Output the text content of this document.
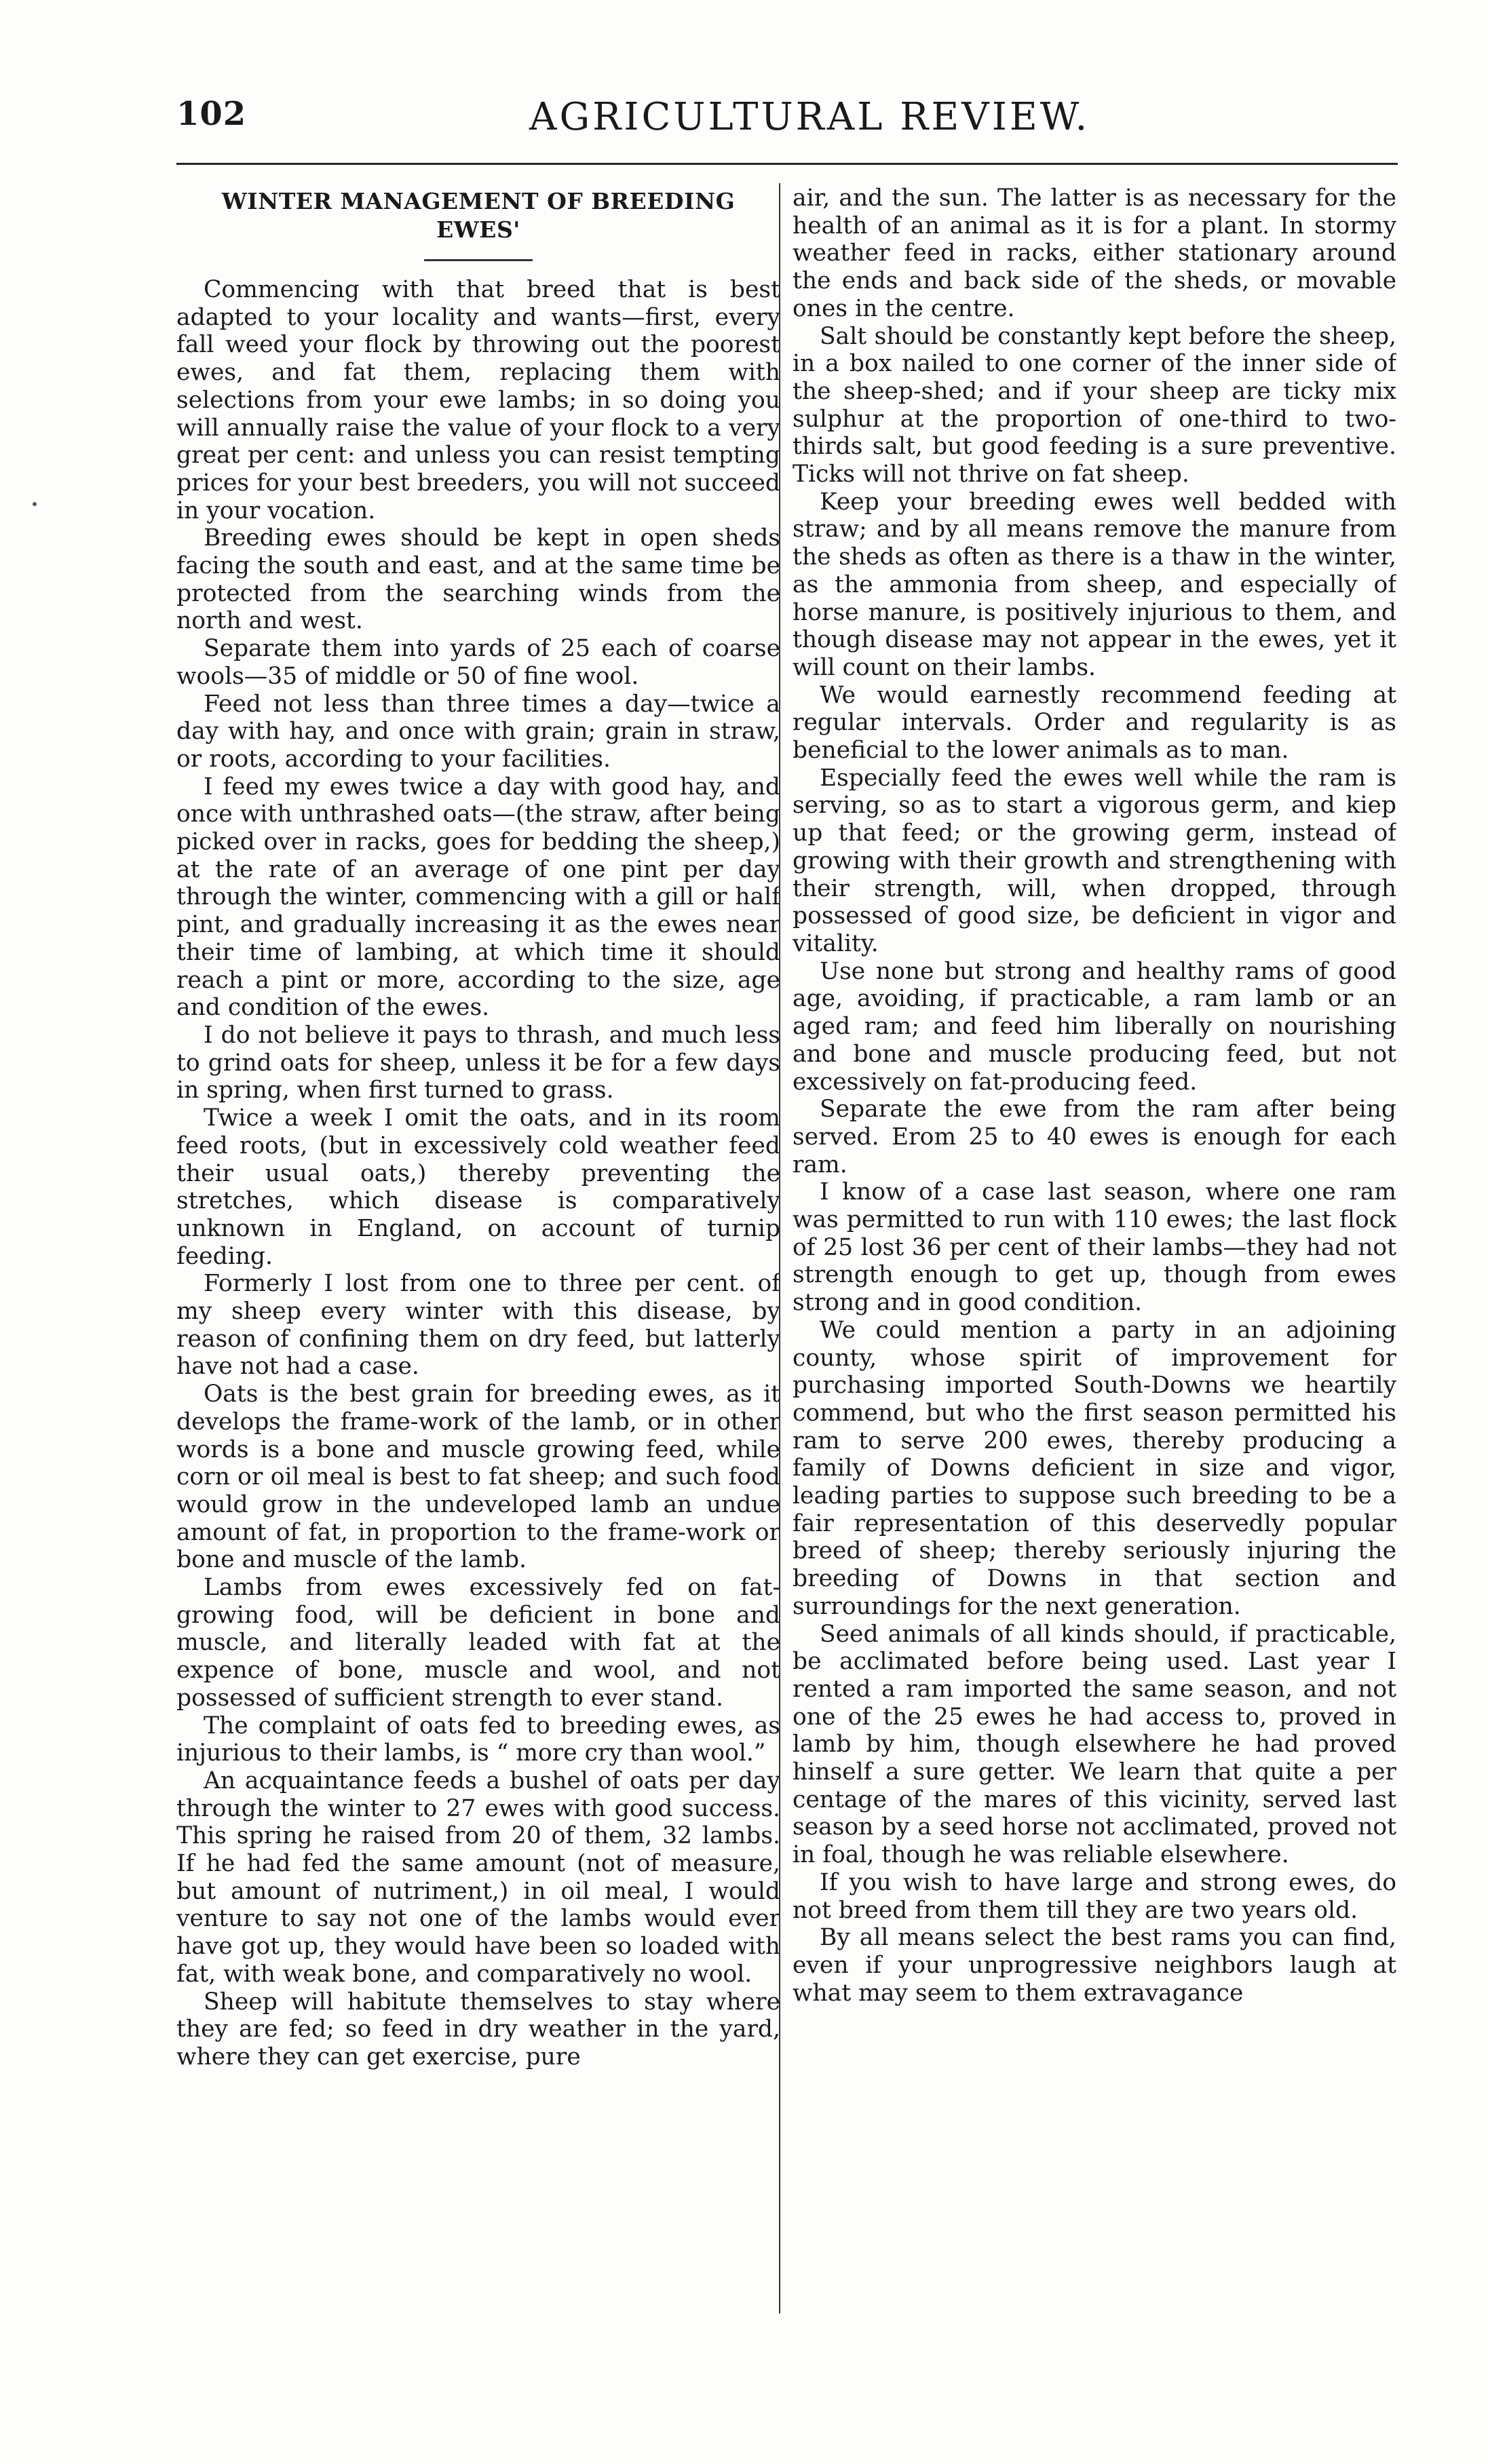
102	AGRICULTURAL REVIEW.
WINTER MANAGEMENT OF BREEDING EWES'

Commencing with that breed that is best adapted to your locality and wants—first, every fall weed your flock by throwing out the poorest ewes, and fat them, replacing them with selections from your ewe lambs; in so doing you will annually raise the value of your flock to a very great per cent: and unless you can resist tempting prices for your best breeders, you will not succeed in your vocation.

Breeding ewes should be kept in open sheds facing the south and east, and at the same time be protected from the searching winds from the north and west.

Separate them into yards of 25 each of coarse wools—35 of middle or 50 of fine wool.

Feed not less than three times a day—twice a day with hay, and once with grain; grain in straw, or roots, according to your facilities.

I feed my ewes twice a day with good hay, and once with unthrashed oats—(the straw, after being picked over in racks, goes for bedding the sheep,) at the rate of an average of one pint per day through the winter, commencing with a gill or half pint, and gradually increasing it as the ewes near their time of lambing, at which time it should reach a pint or more, according to the size, age and condition of the ewes.

I do not believe it pays to thrash, and much less to grind oats for sheep, unless it be for a few days in spring, when first turned to grass.

Twice a week I omit the oats, and in its room feed roots, (but in excessively cold weather feed their usual oats,) thereby preventing the stretches, which disease is comparatively unknown in England, on account of turnip feeding.

Formerly I lost from one to three per cent. of my sheep every winter with this disease, by reason of confining them on dry feed, but latterly have not had a case.

Oats is the best grain for breeding ewes, as it develops the frame-work of the lamb, or in other words is a bone and muscle growing feed, while corn or oil meal is best to fat sheep; and such food would grow in the undeveloped lamb an undue amount of fat, in proportion to the frame-work or bone and muscle of the lamb.

Lambs from ewes excessively fed on fat-growing food, will be deficient in bone and muscle, and literally leaded with fat at the expence of bone, muscle and wool, and not possessed of sufficient strength to ever stand.

The complaint of oats fed to breeding ewes, as injurious to their lambs, is “ more cry than wool.”

An acquaintance feeds a bushel of oats per day through the winter to 27 ewes with good success. This spring he raised from 20 of them, 32 lambs. If he had fed the same amount (not of measure, but amount of nutriment,) in oil meal, I would venture to say not one of the lambs would ever have got up, they would have been so loaded with fat, with weak bone, and comparatively no wool.

Sheep will habitute themselves to stay where they are fed; so feed in dry weather in the yard, where they can get exercise, pure

air, and the sun. The latter is as necessary for the health of an animal as it is for a plant. In stormy weather feed in racks, either stationary around the ends and back side of the sheds, or movable ones in the centre.

Salt should be constantly kept before the sheep, in a box nailed to one corner of the inner side of the sheep-shed; and if your sheep are ticky mix sulphur at the proportion of one-third to two-thirds salt, but good feeding is a sure preventive. Ticks will not thrive on fat sheep.

Keep your breeding ewes well bedded with straw; and by all means remove the manure from the sheds as often as there is a thaw in the winter, as the ammonia from sheep, and especially of horse manure, is positively injurious to them, and though disease may not appear in the ewes, yet it will count on their lambs.

We would earnestly recommend feeding at regular intervals. Order and regularity is as beneficial to the lower animals as to man.

Especially feed the ewes well while the ram is serving, so as to start a vigorous germ, and kiep up that feed; or the growing germ, instead of growing with their growth and strengthening with their strength, will, when dropped, through possessed of good size, be deficient in vigor and vitality.

Use none but strong and healthy rams of good age, avoiding, if practicable, a ram lamb or an aged ram; and feed him liberally on nourishing and bone and muscle producing feed, but not excessively on fat-producing feed.

Separate the ewe from the ram after being served. Erom 25 to 40 ewes is enough for each ram.

I know of a case last season, where one ram was permitted to run with 110 ewes; the last flock of 25 lost 36 per cent of their lambs—they had not strength enough to get up, though from ewes strong and in good condition.

We could mention a party in an adjoining county, whose spirit of improvement for purchasing imported South-Downs we heartily commend, but who the first season permitted his ram to serve 200 ewes, thereby producing a family of Downs deficient in size and vigor, leading parties to suppose such breeding to be a fair representation of this deservedly popular breed of sheep; thereby seriously injuring the breeding of Downs in that section and surroundings for the next generation.

Seed animals of all kinds should, if practicable, be acclimated before being used. Last year I rented a ram imported the same season, and not one of the 25 ewes he had access to, proved in lamb by him, though elsewhere he had proved hinself a sure getter. We learn that quite a per centage of the mares of this vicinity, served last season by a seed horse not acclimated, proved not in foal, though he was reliable elsewhere.

If you wish to have large and strong ewes, do not breed from them till they are two years old.

By all means select the best rams you can find, even if your unprogressive neighbors laugh at what may seem to them extravagance
